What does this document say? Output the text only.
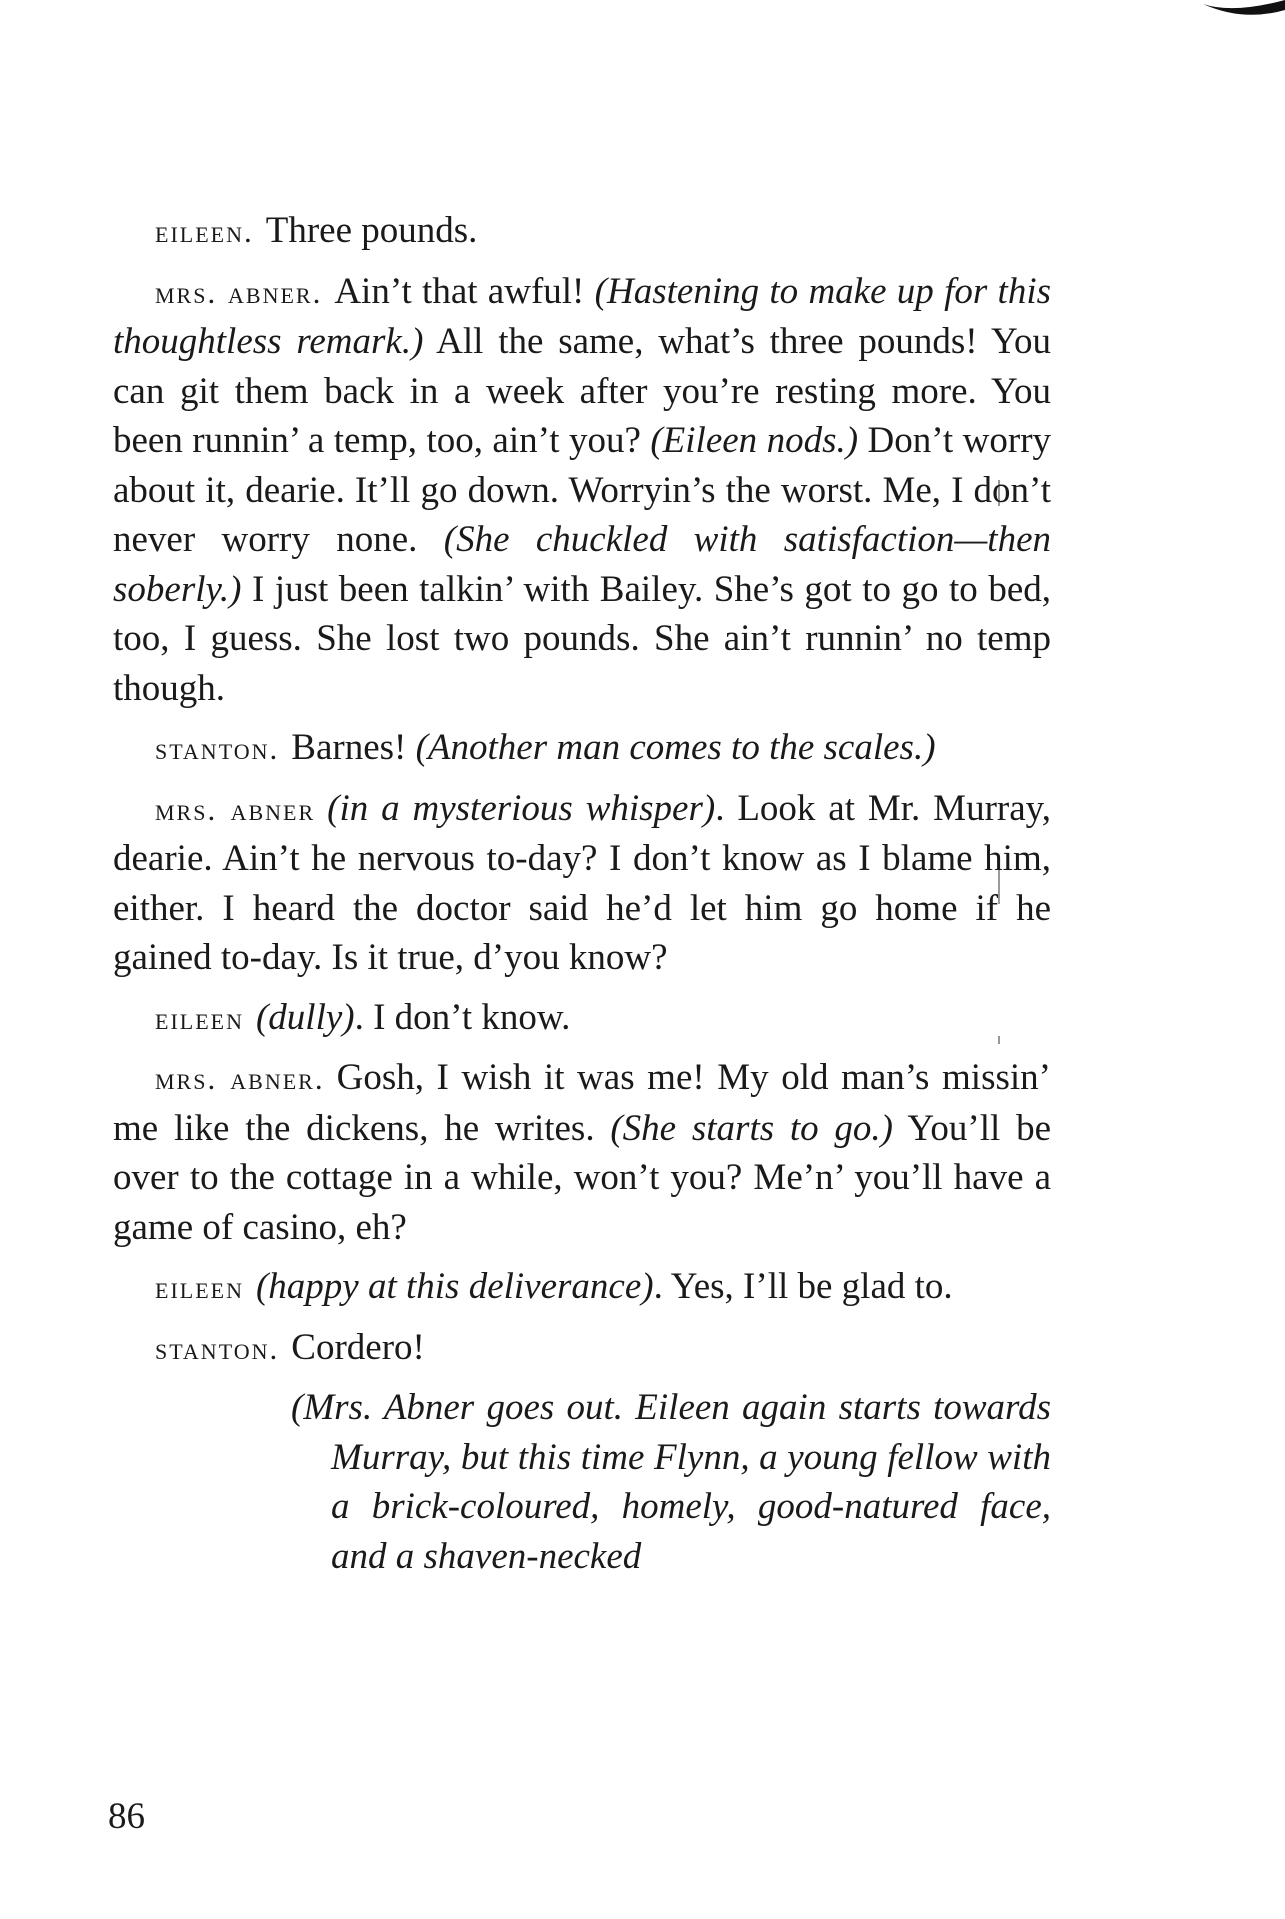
eileen. Three pounds.

mrs. abner. Ain’t that awful! (Hastening to make up for this thoughtless remark.) All the same, what’s three pounds! You can git them back in a week after you’re resting more. You been runnin’ a temp, too, ain’t you? (Eileen nods.) Don’t worry about it, dearie. It’ll go down. Worryin’s the worst. Me, I don’t never worry none. (She chuckled with satisfaction—then soberly.) I just been talkin’ with Bailey. She’s got to go to bed, too, I guess. She lost two pounds. She ain’t runnin’ no temp though.

stanton. Barnes! (Another man comes to the scales.)

mrs. abner (in a mysterious whisper). Look at Mr. Murray, dearie. Ain’t he nervous to-day? I don’t know as I blame him, either. I heard the doctor said he’d let him go home if he gained to-day. Is it true, d’you know?

eileen (dully). I don’t know.

mrs. abner. Gosh, I wish it was me! My old man’s missin’ me like the dickens, he writes. (She starts to go.) You’ll be over to the cottage in a while, won’t you? Me’n’ you’ll have a game of casino, eh?

eileen (happy at this deliverance). Yes, I’ll be glad to.

stanton. Cordero!

(Mrs. Abner goes out. Eileen again starts towards Murray, but this time Flynn, a young fellow with a brick-coloured, homely, good-natured face, and a shaven-necked

86
